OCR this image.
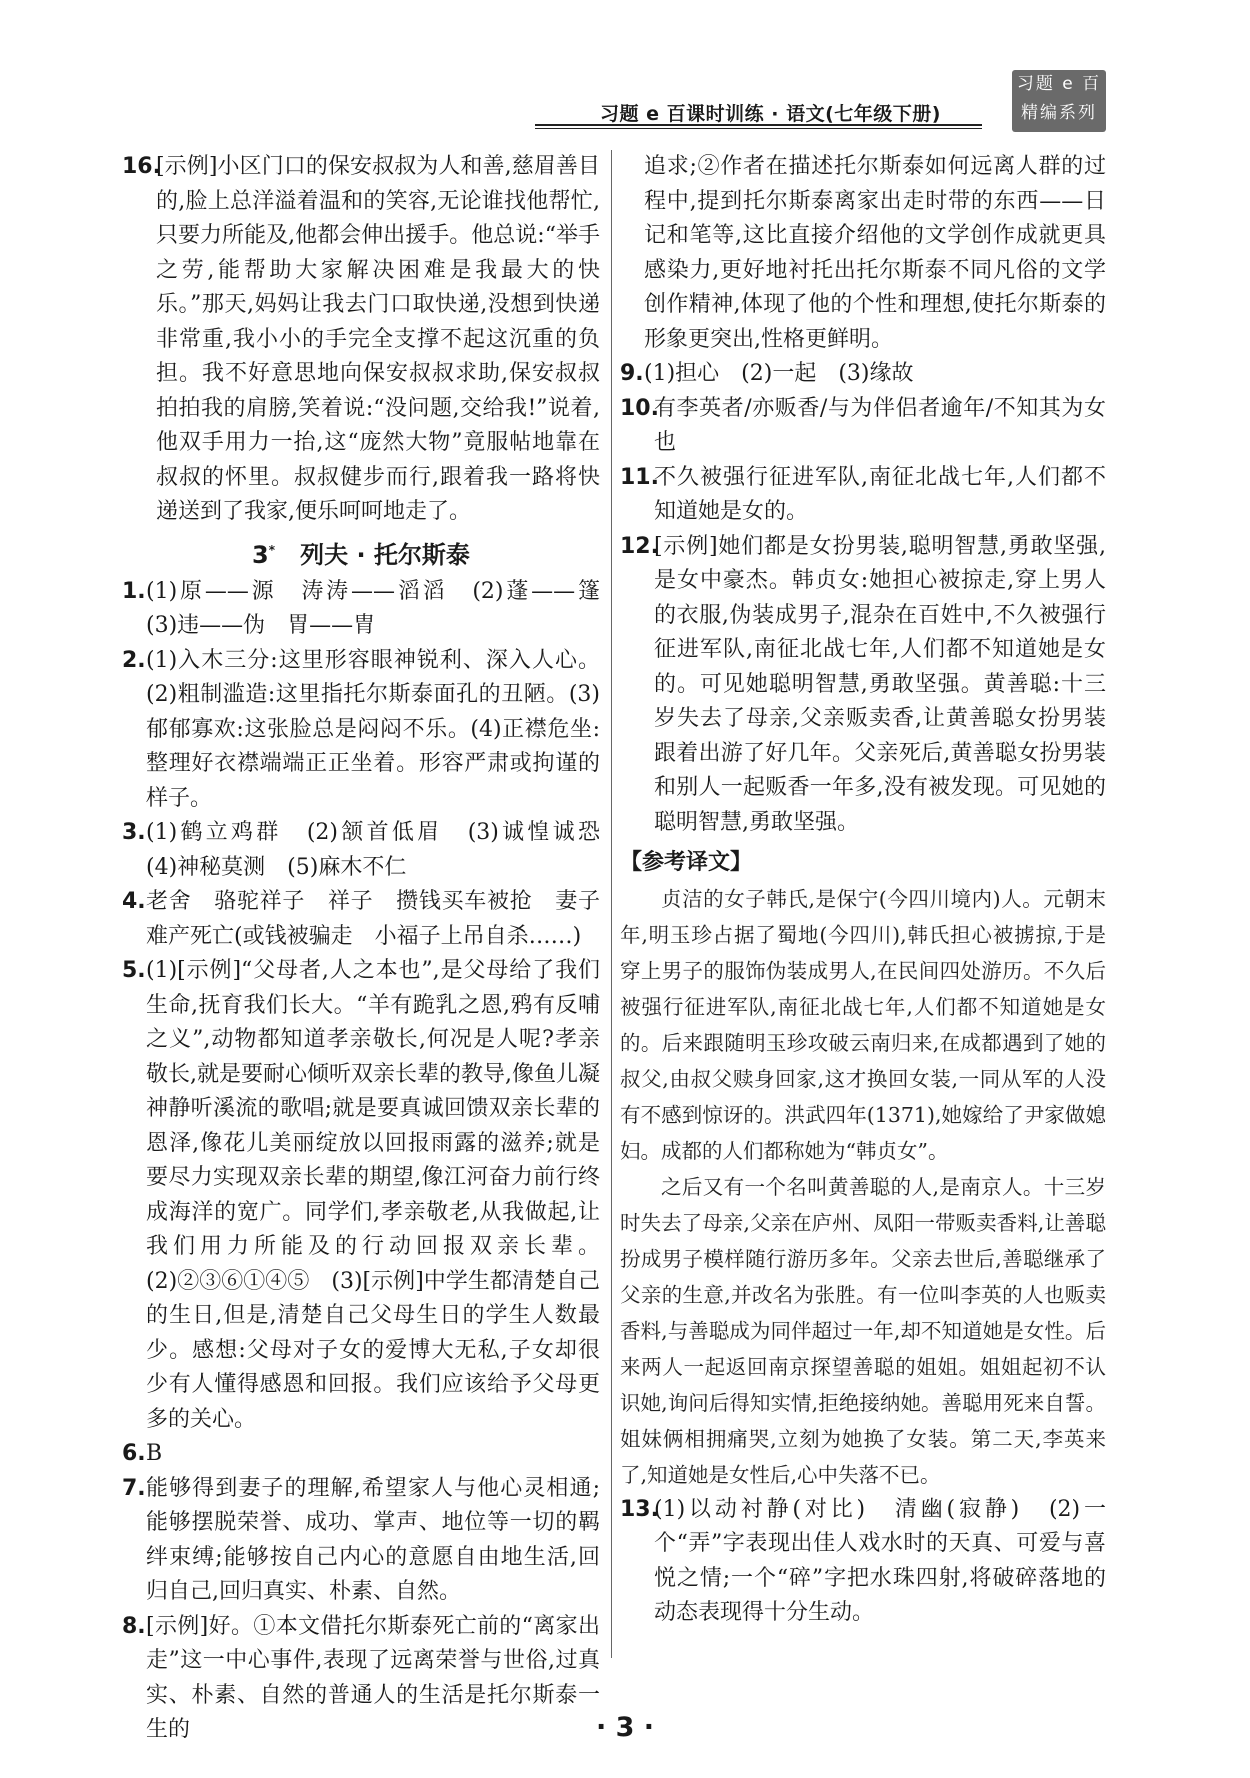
习题 e 百课时训练 · 语文(七年级下册)
习题 e 百
精编系列
16.
[示例]小区门口的保安叔叔为人和善,慈眉善目的,脸上总洋溢着温和的笑容,无论谁找他帮忙,只要力所能及,他都会伸出援手。他总说:“举手之劳,能帮助大家解决困难是我最大的快乐。”那天,妈妈让我去门口取快递,没想到快递非常重,我小小的手完全支撑不起这沉重的负担。我不好意思地向保安叔叔求助,保安叔叔拍拍我的肩膀,笑着说:“没问题,交给我!”说着,他双手用力一抬,这“庞然大物”竟服帖地靠在叔叔的怀里。叔叔健步而行,跟着我一路将快递送到了我家,便乐呵呵地走了。
3* 列夫 · 托尔斯泰
1. (1)原——源　涛涛——滔滔　(2)蓬——篷　(3)违——伪　胃——胄
2. (1)入木三分:这里形容眼神锐利、深入人心。(2)粗制滥造:这里指托尔斯泰面孔的丑陋。(3)郁郁寡欢:这张脸总是闷闷不乐。(4)正襟危坐:整理好衣襟端端正正坐着。形容严肃或拘谨的样子。
3. (1)鹤立鸡群　(2)颔首低眉　(3)诚惶诚恐　(4)神秘莫测　(5)麻木不仁
4. 老舍　骆驼祥子　祥子　攒钱买车被抢　妻子难产死亡(或钱被骗走　小福子上吊自杀……)
5. (1)[示例]“父母者,人之本也”,是父母给了我们生命,抚育我们长大。“羊有跪乳之恩,鸦有反哺之义”,动物都知道孝亲敬长,何况是人呢?孝亲敬长,就是要耐心倾听双亲长辈的教导,像鱼儿凝神静听溪流的歌唱;就是要真诚回馈双亲长辈的恩泽,像花儿美丽绽放以回报雨露的滋养;就是要尽力实现双亲长辈的期望,像江河奋力前行终成海洋的宽广。同学们,孝亲敬老,从我做起,让我们用力所能及的行动回报双亲长辈。(2)②③⑥①④⑤　(3)[示例]中学生都清楚自己的生日,但是,清楚自己父母生日的学生人数最少。感想:父母对子女的爱博大无私,子女却很少有人懂得感恩和回报。我们应该给予父母更多的关心。
6. B
7. 能够得到妻子的理解,希望家人与他心灵相通;能够摆脱荣誉、成功、掌声、地位等一切的羁绊束缚;能够按自己内心的意愿自由地生活,回归自己,回归真实、朴素、自然。
8. [示例]好。①本文借托尔斯泰死亡前的“离家出走”这一中心事件,表现了远离荣誉与世俗,过真实、朴素、自然的普通人的生活是托尔斯泰一生的
追求;②作者在描述托尔斯泰如何远离人群的过程中,提到托尔斯泰离家出走时带的东西——日记和笔等,这比直接介绍他的文学创作成就更具感染力,更好地衬托出托尔斯泰不同凡俗的文学创作精神,体现了他的个性和理想,使托尔斯泰的形象更突出,性格更鲜明。
9. (1)担心　(2)一起　(3)缘故
10.
有李英者/亦贩香/与为伴侣者逾年/不知其为女也
11.
不久被强行征进军队,南征北战七年,人们都不知道她是女的。
12.
[示例]她们都是女扮男装,聪明智慧,勇敢坚强,是女中豪杰。韩贞女:她担心被掠走,穿上男人的衣服,伪装成男子,混杂在百姓中,不久被强行征进军队,南征北战七年,人们都不知道她是女的。可见她聪明智慧,勇敢坚强。黄善聪:十三岁失去了母亲,父亲贩卖香,让黄善聪女扮男装跟着出游了好几年。父亲死后,黄善聪女扮男装和别人一起贩香一年多,没有被发现。可见她的聪明智慧,勇敢坚强。
【参考译文】

贞洁的女子韩氏,是保宁(今四川境内)人。元朝末年,明玉珍占据了蜀地(今四川),韩氏担心被掳掠,于是穿上男子的服饰伪装成男人,在民间四处游历。不久后被强行征进军队,南征北战七年,人们都不知道她是女的。后来跟随明玉珍攻破云南归来,在成都遇到了她的叔父,由叔父赎身回家,这才换回女装,一同从军的人没有不感到惊讶的。洪武四年(1371),她嫁给了尹家做媳妇。成都的人们都称她为“韩贞女”。

之后又有一个名叫黄善聪的人,是南京人。十三岁时失去了母亲,父亲在庐州、凤阳一带贩卖香料,让善聪扮成男子模样随行游历多年。父亲去世后,善聪继承了父亲的生意,并改名为张胜。有一位叫李英的人也贩卖香料,与善聪成为同伴超过一年,却不知道她是女性。后来两人一起返回南京探望善聪的姐姐。姐姐起初不认识她,询问后得知实情,拒绝接纳她。善聪用死来自誓。姐妹俩相拥痛哭,立刻为她换了女装。第二天,李英来了,知道她是女性后,心中失落不已。

13.
(1)以动衬静(对比)　清幽(寂静)　(2)一个“弄”字表现出佳人戏水时的天真、可爱与喜悦之情;一个“碎”字把水珠四射,将破碎落地的动态表现得十分生动。
· 3 ·
